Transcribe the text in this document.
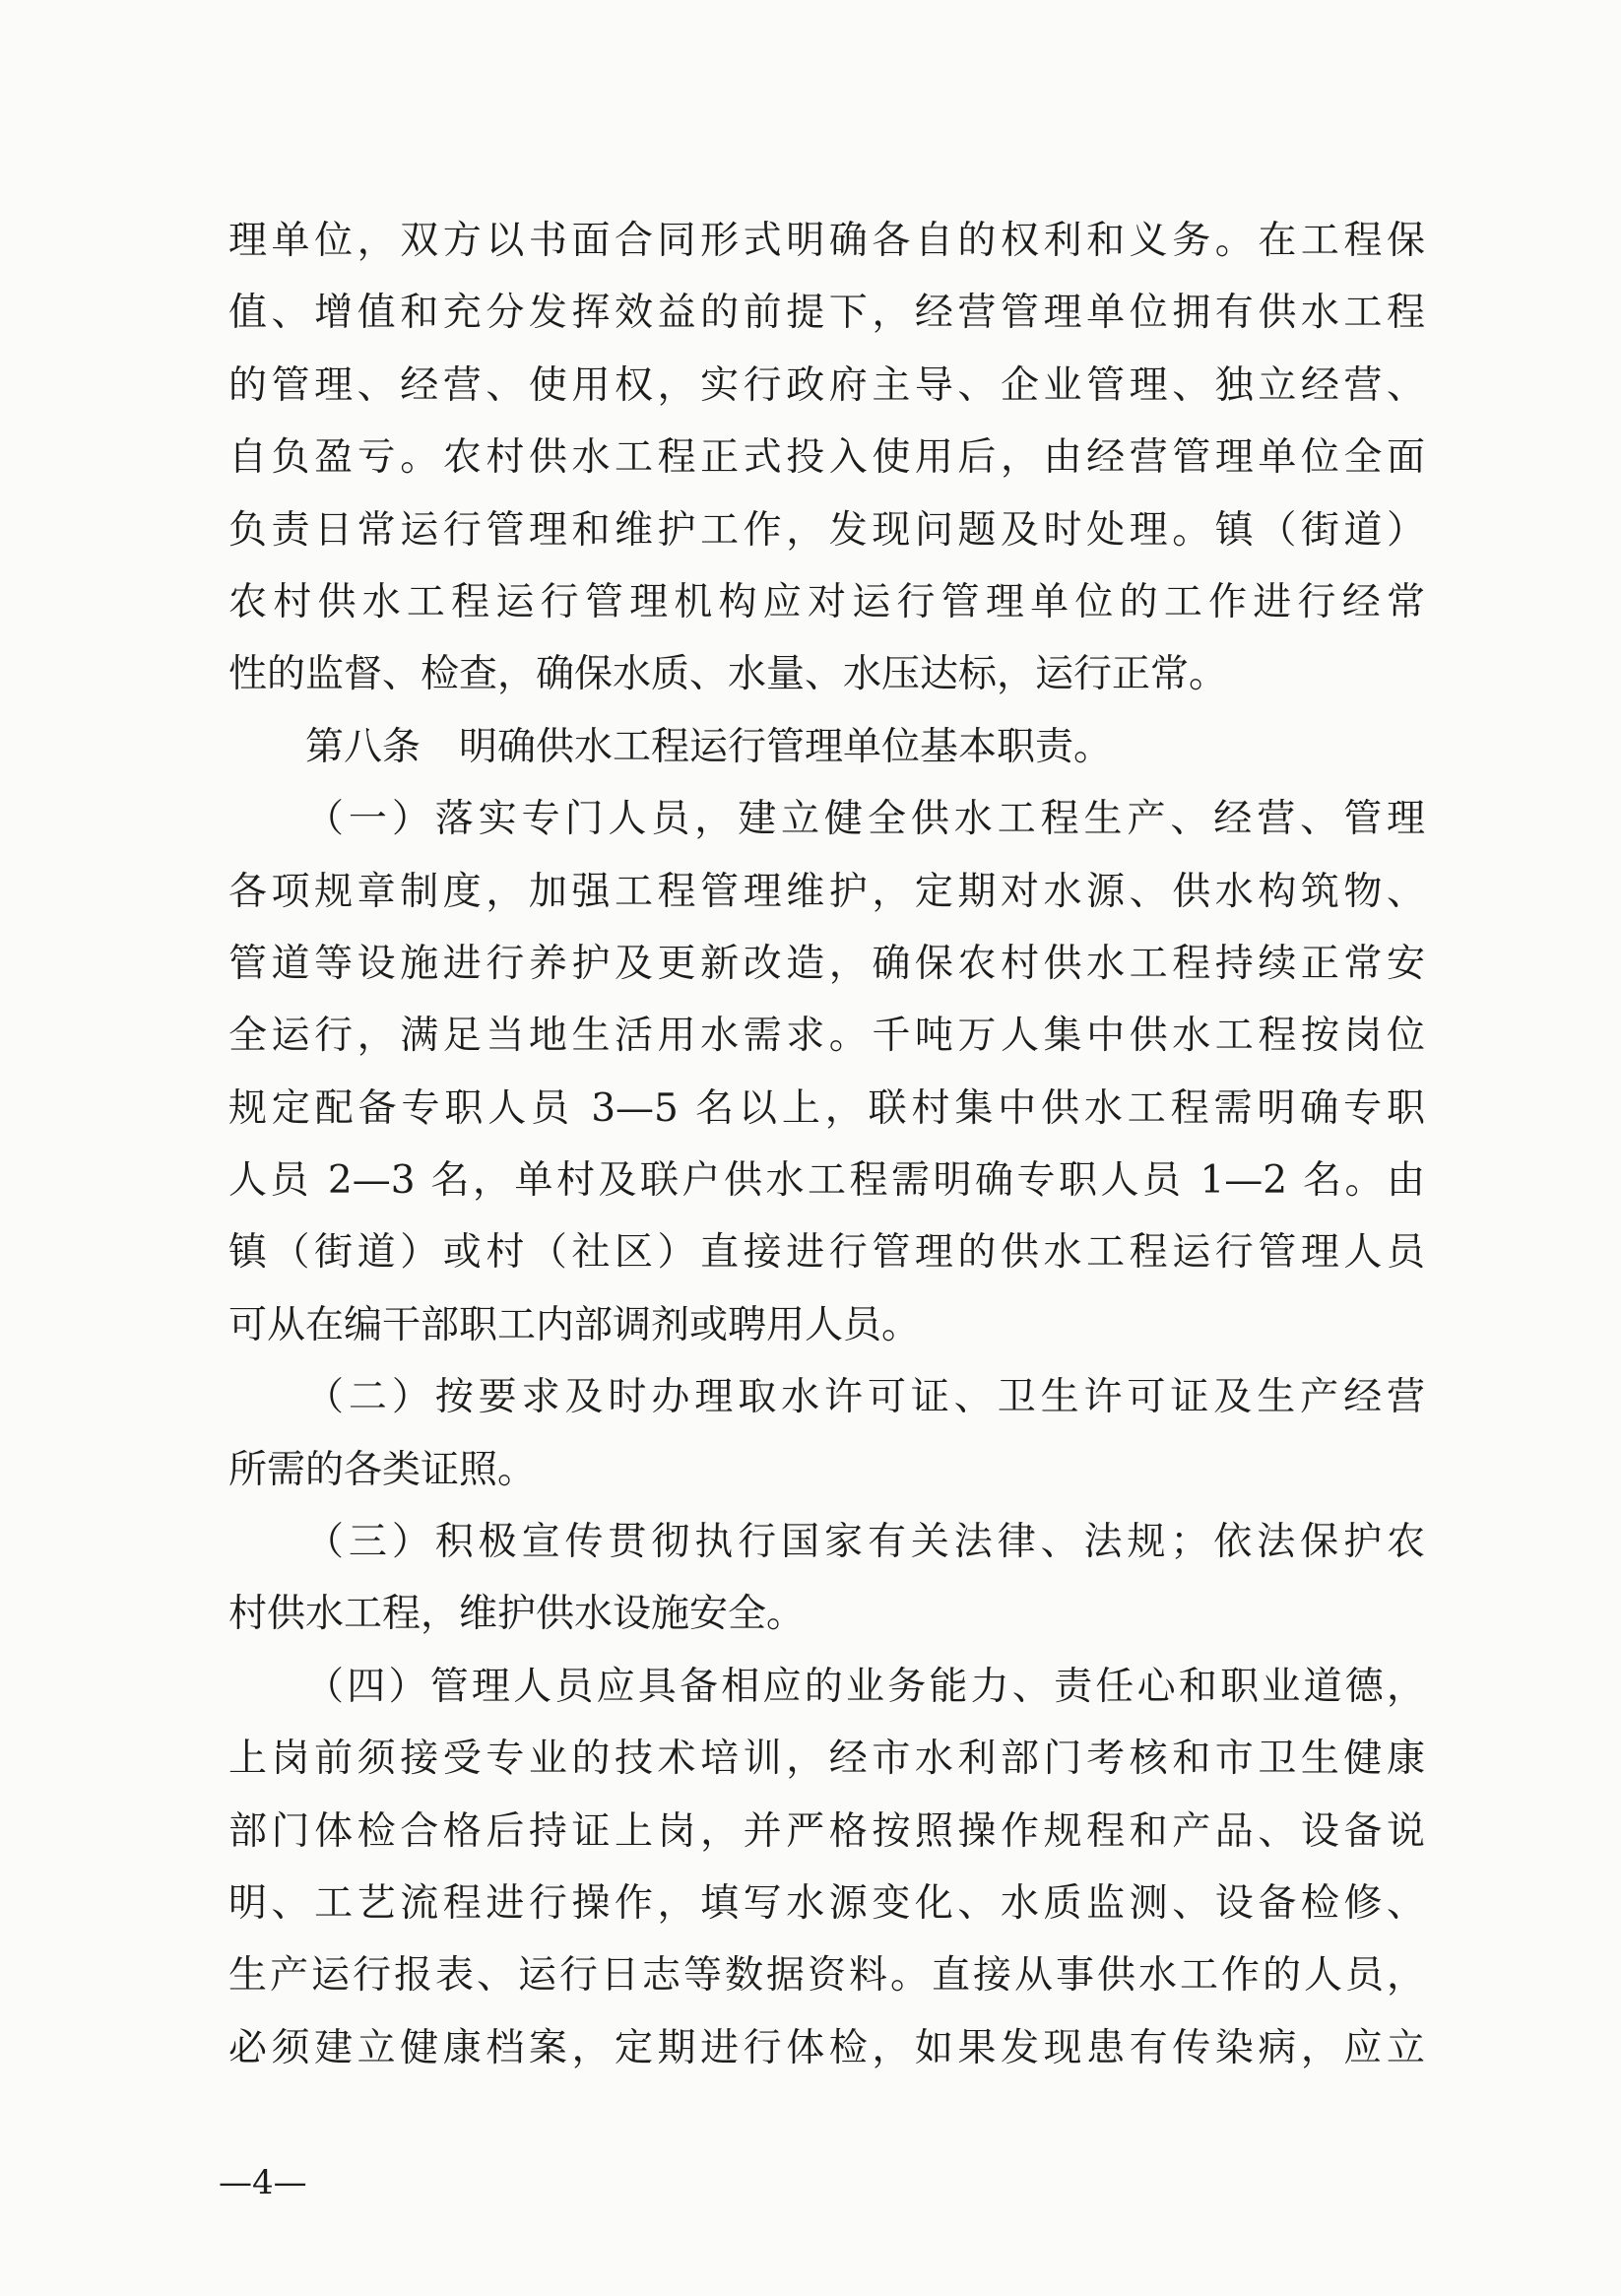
理单位，双方以书面合同形式明确各自的权利和义务。在工程保
值、增值和充分发挥效益的前提下，经营管理单位拥有供水工程
的管理、经营、使用权，实行政府主导、企业管理、独立经营、
自负盈亏。农村供水工程正式投入使用后，由经营管理单位全面
负责日常运行管理和维护工作，发现问题及时处理。镇（街道）
农村供水工程运行管理机构应对运行管理单位的工作进行经常
性的监督、检查，确保水质、水量、水压达标，运行正常。
第八条　明确供水工程运行管理单位基本职责。
（一）落实专门人员，建立健全供水工程生产、经营、管理
各项规章制度，加强工程管理维护，定期对水源、供水构筑物、
管道等设施进行养护及更新改造，确保农村供水工程持续正常安
全运行，满足当地生活用水需求。千吨万人集中供水工程按岗位
规定配备专职人员 3—5 名以上，联村集中供水工程需明确专职
人员 2—3 名，单村及联户供水工程需明确专职人员 1—2 名。由
镇（街道）或村（社区）直接进行管理的供水工程运行管理人员
可从在编干部职工内部调剂或聘用人员。
（二）按要求及时办理取水许可证、卫生许可证及生产经营
所需的各类证照。
（三）积极宣传贯彻执行国家有关法律、法规；依法保护农
村供水工程，维护供水设施安全。
（四）管理人员应具备相应的业务能力、责任心和职业道德，
上岗前须接受专业的技术培训，经市水利部门考核和市卫生健康
部门体检合格后持证上岗，并严格按照操作规程和产品、设备说
明、工艺流程进行操作，填写水源变化、水质监测、设备检修、
生产运行报表、运行日志等数据资料。直接从事供水工作的人员，
必须建立健康档案，定期进行体检，如果发现患有传染病，应立
—4—
